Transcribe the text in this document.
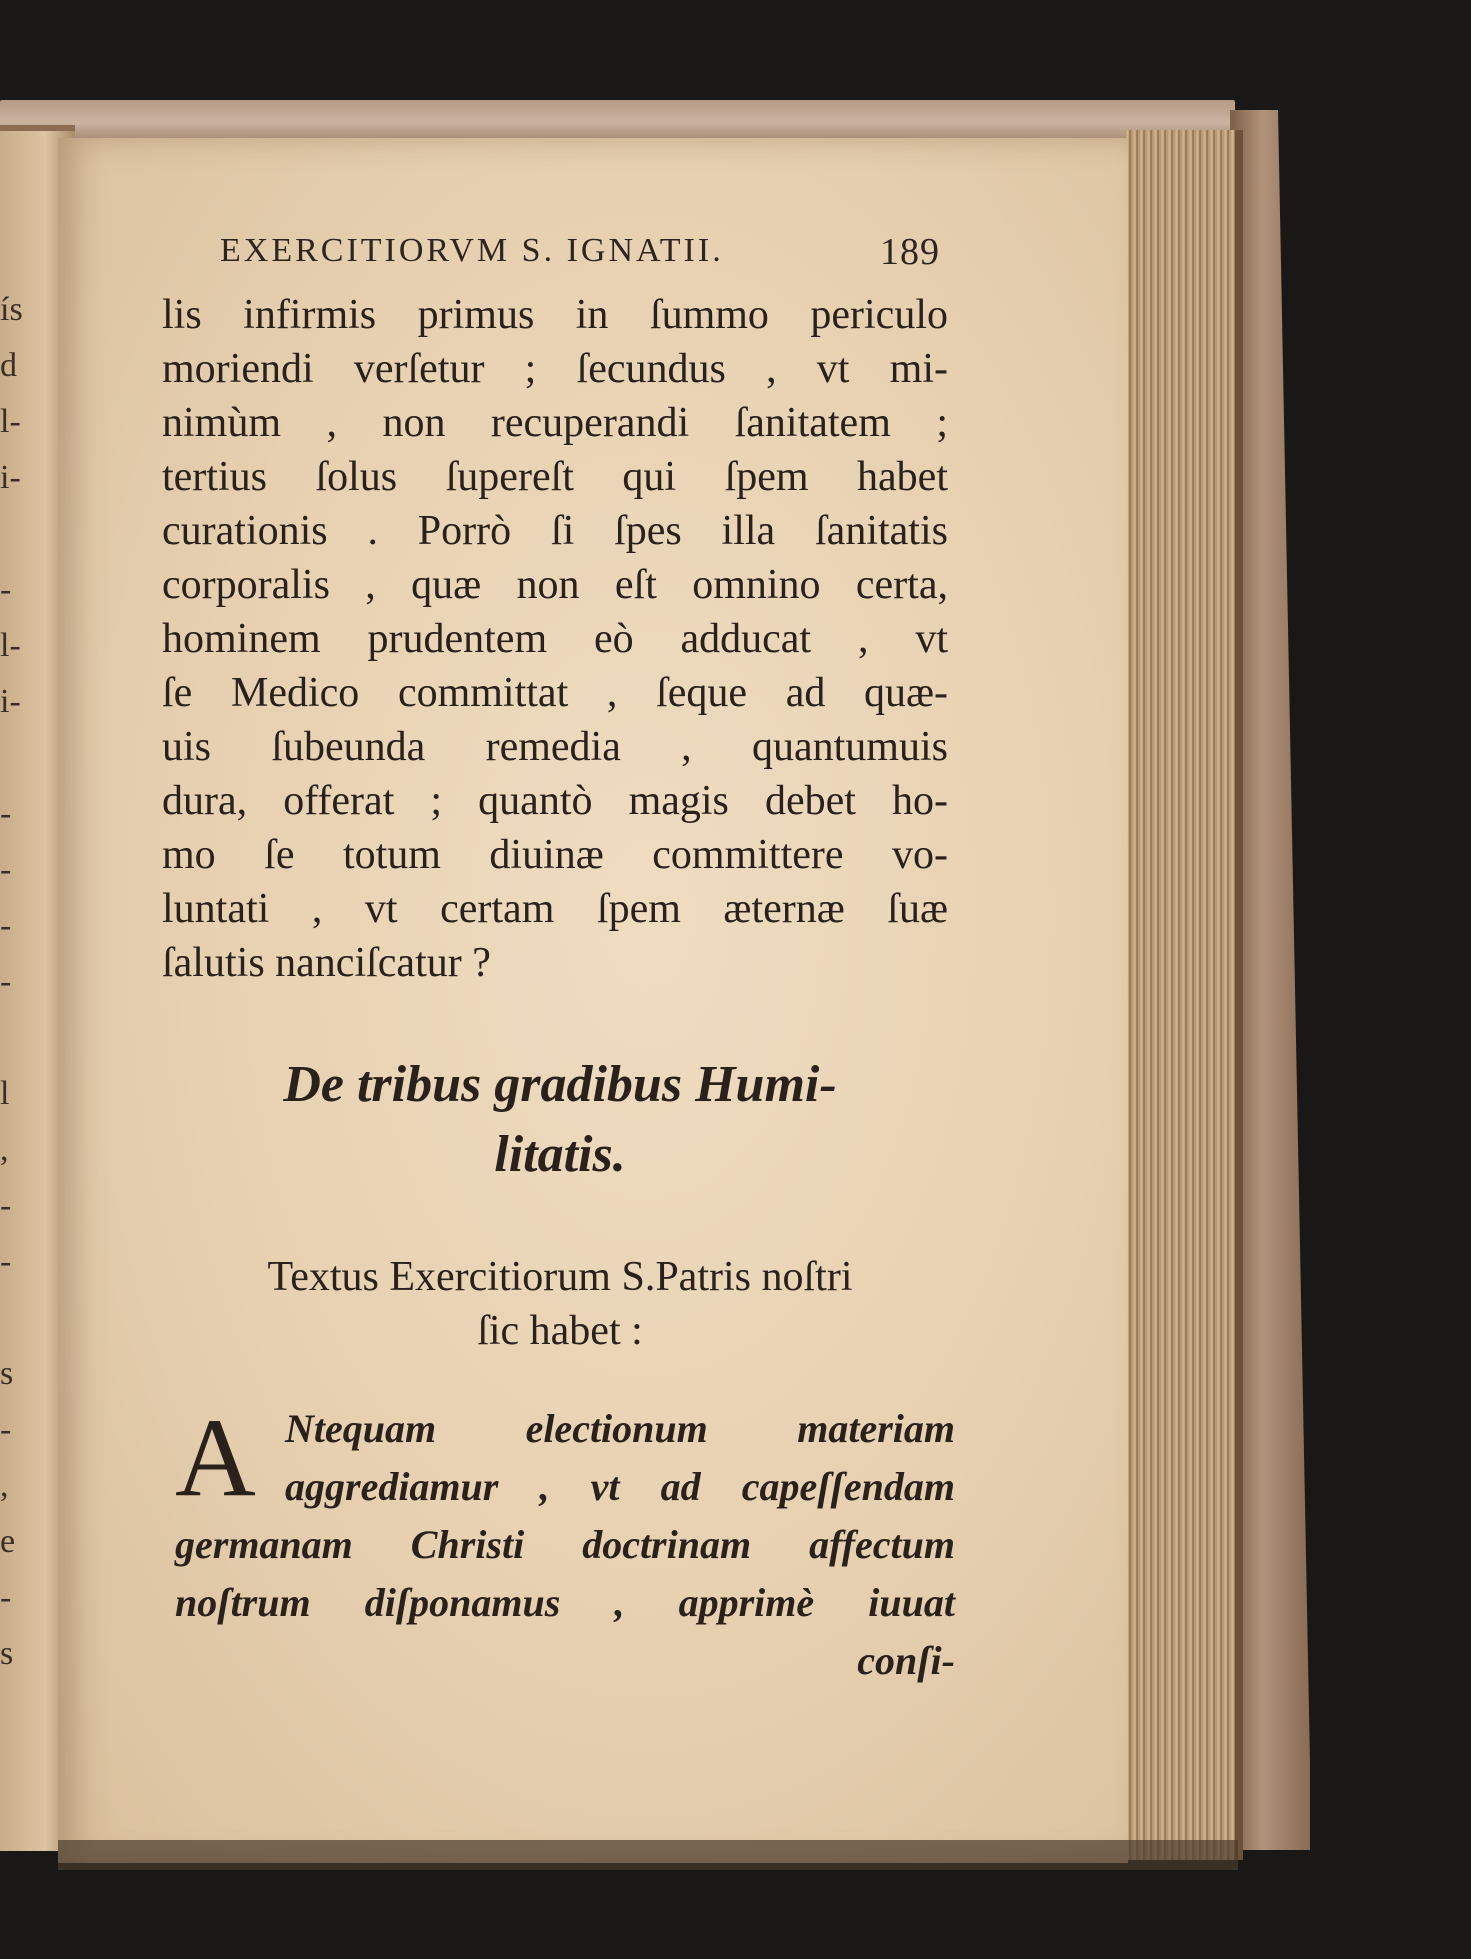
ís
d
l-
i-
-
l-
i-
-
-
-
-
l
,
-
-
s
-
,
e
-
s
EXERCITIORVM S. IGNATII.	189
lis infirmis primus in ſummo periculo
moriendi verſetur ; ſecundus , vt mi-
nimùm , non recuperandi ſanitatem ;
tertius ſolus ſupereſt qui ſpem habet
curationis . Porrò ſi ſpes illa ſanitatis
corporalis , quæ non eſt omnino certa,
hominem prudentem eò adducat , vt
ſe Medico committat , ſeque ad quæ-
uis ſubeunda remedia , quantumuis
dura, offerat ; quantò magis debet ho-
mo ſe totum diuinæ committere vo-
luntati , vt certam ſpem æternæ ſuæ
ſalutis nanciſcatur ?
De tribus gradibus Humi-
litatis.
Textus Exercitiorum S.Patris noſtri
ſic habet :
A Ntequam electionum materiam
aggrediamur , vt ad capeſſendam
germanam Christi doctrinam affectum
noſtrum diſponamus , apprimè iuuat
conſi-
